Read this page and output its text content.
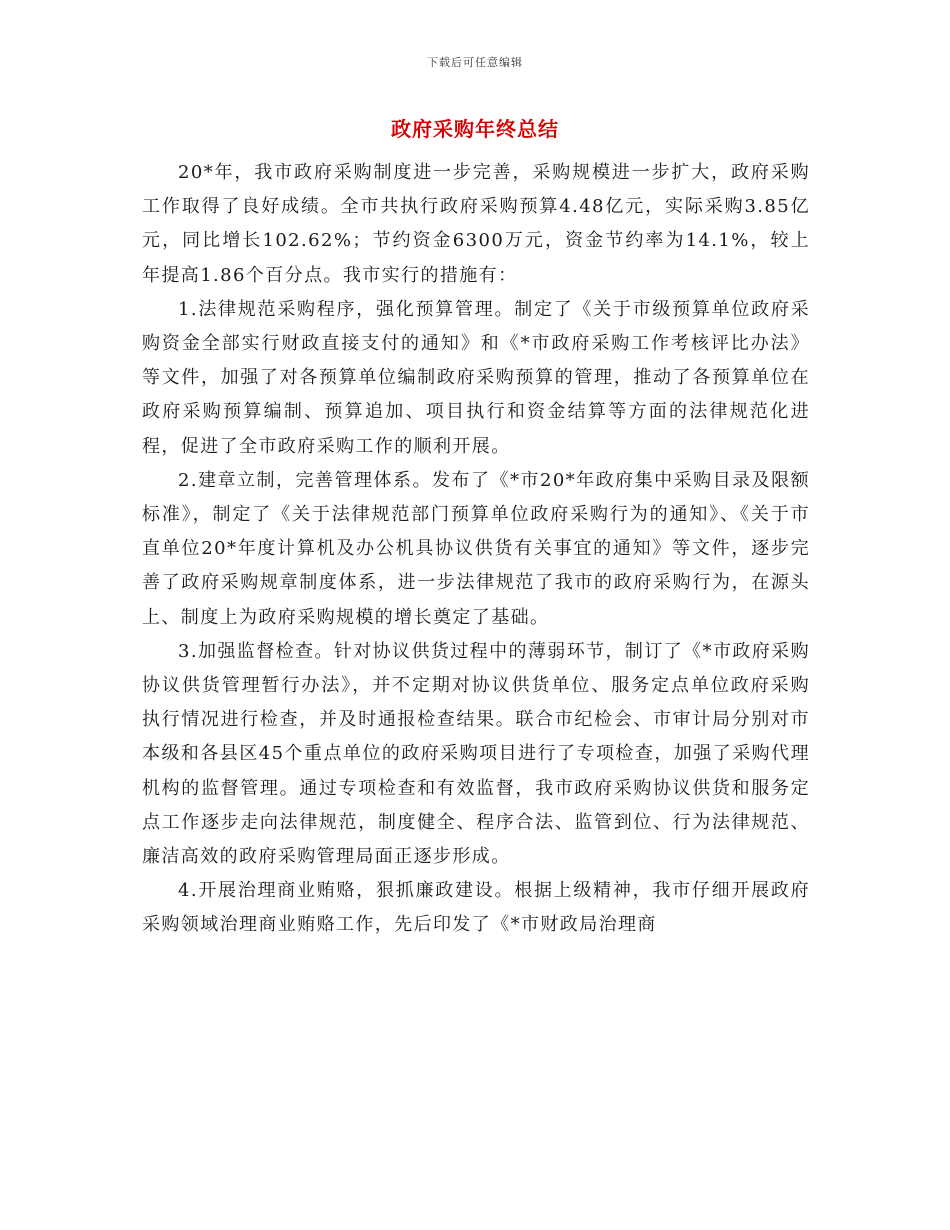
下载后可任意编辑
政府采购年终总结

20*年，我市政府采购制度进一步完善，采购规模进一步扩大，政府采购工作取得了良好成绩。全市共执行政府采购预算4.48亿元，实际采购3.85亿元，同比增长102.62%；节约资金6300万元，资金节约率为14.1%，较上年提高1.86个百分点。我市实行的措施有：

1.法律规范采购程序，强化预算管理。制定了《关于市级预算单位政府采购资金全部实行财政直接支付的通知》和《*市政府采购工作考核评比办法》等文件，加强了对各预算单位编制政府采购预算的管理，推动了各预算单位在政府采购预算编制、预算追加、项目执行和资金结算等方面的法律规范化进程，促进了全市政府采购工作的顺利开展。

2.建章立制，完善管理体系。发布了《*市20*年政府集中采购目录及限额标准》，制定了《关于法律规范部门预算单位政府采购行为的通知》、《关于市直单位20*年度计算机及办公机具协议供货有关事宜的通知》等文件，逐步完善了政府采购规章制度体系，进一步法律规范了我市的政府采购行为，在源头上、制度上为政府采购规模的增长奠定了基础。

3.加强监督检查。针对协议供货过程中的薄弱环节，制订了《*市政府采购协议供货管理暂行办法》，并不定期对协议供货单位、服务定点单位政府采购执行情况进行检查，并及时通报检查结果。联合市纪检会、市审计局分别对市本级和各县区45个重点单位的政府采购项目进行了专项检查，加强了采购代理机构的监督管理。通过专项检查和有效监督，我市政府采购协议供货和服务定点工作逐步走向法律规范，制度健全、程序合法、监管到位、行为法律规范、廉洁高效的政府采购管理局面正逐步形成。

4.开展治理商业贿赂，狠抓廉政建设。根据上级精神，我市仔细开展政府采购领域治理商业贿赂工作，先后印发了《*市财政局治理商
